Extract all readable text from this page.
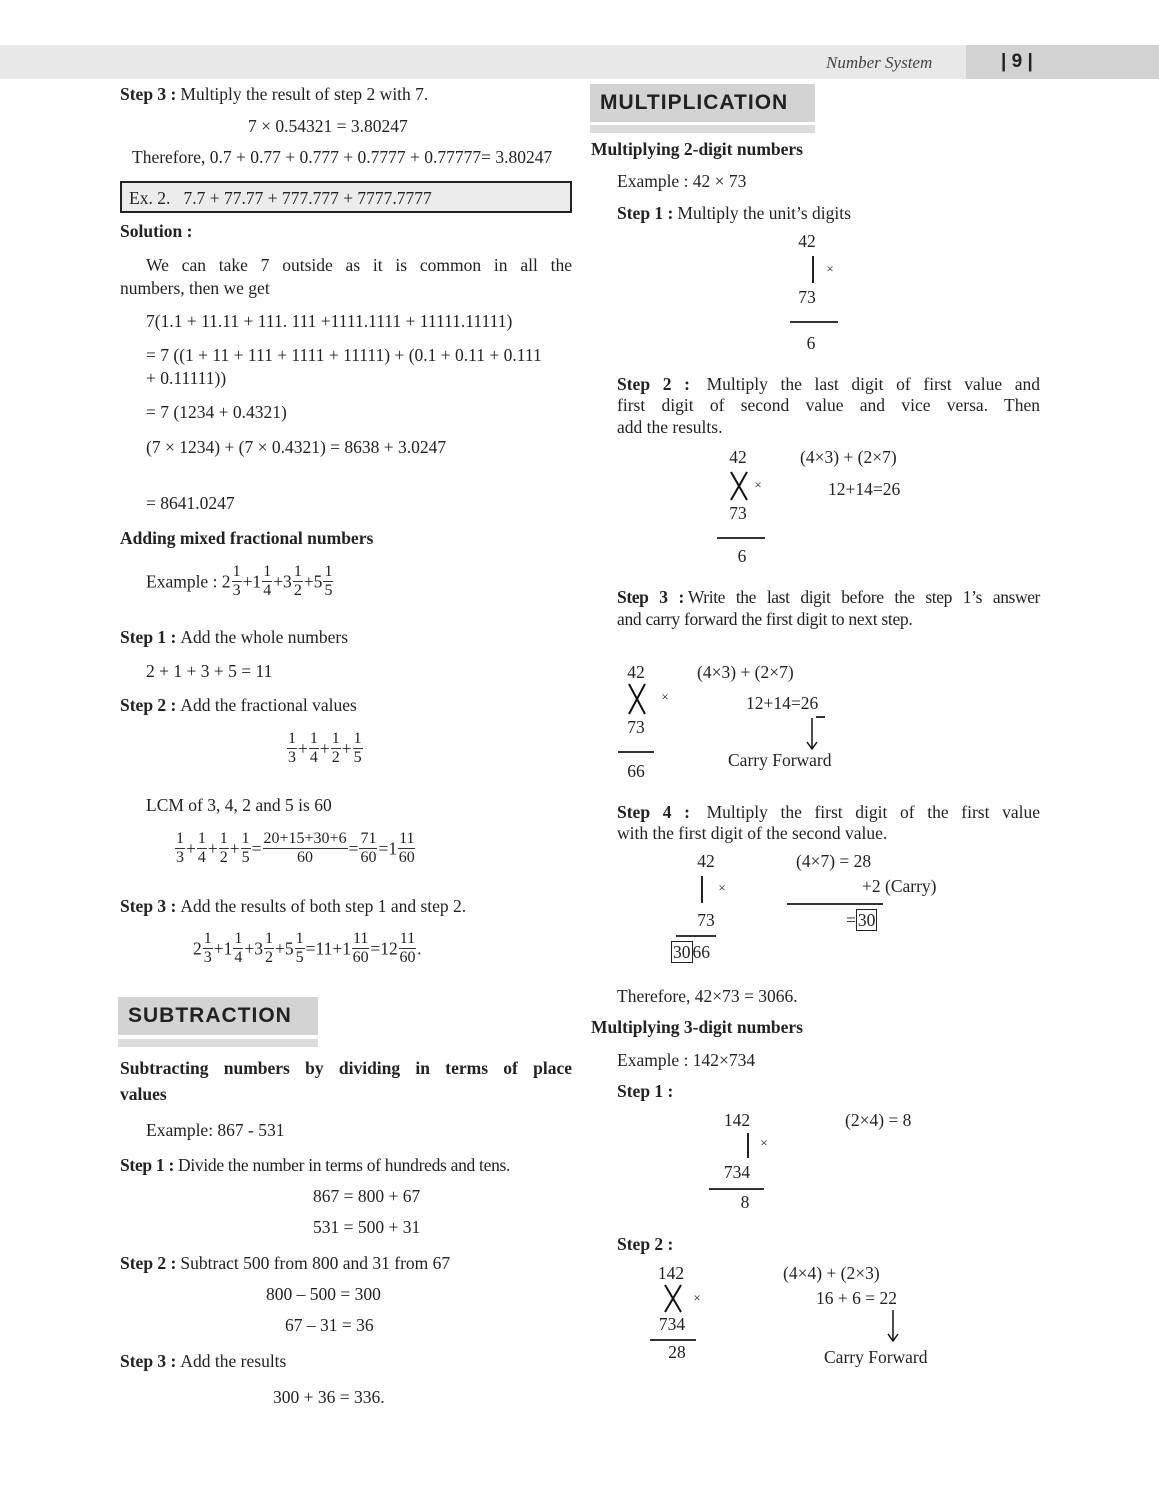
Number System	| 9 |
Step 3 : Multiply the result of step 2 with 7.
7 × 0.54321 = 3.80247
Therefore, 0.7 + 0.77 + 0.777 + 0.7777 + 0.77777= 3.80247
Ex. 2. 7.7 + 77.77 + 777.777 + 7777.7777
Solution :
We can take 7 outside as it is common in all the
numbers, then we get
7(1.1 + 11.11 + 111. 111 +1111.1111 + 11111.11111)
= 7 ((1 + 11 + 111 + 1111 + 11111) + (0.1 + 0.11 + 0.111
+ 0.11111))
= 7 (1234 + 0.4321)
(7 × 1234) + (7 × 0.4321) = 8638 + 3.0247
= 8641.0247
Adding mixed fractional numbers
Example : $2 \frac{1}{3} +1 \frac{1}{4} +3 \frac{1}{2} +5 \frac{1}{5}$
Step 1 : Add the whole numbers
2 + 1 + 3 + 5 = 11
Step 2 : Add the fractional values
$\frac{1}{3} + \frac{1}{4} + \frac{1}{2} + \frac{1}{5}$
LCM of 3, 4, 2 and 5 is 60
$\frac{1}{3} + \frac{1}{4} + \frac{1}{2} + \frac{1}{5} = \frac{20+15+30+6}{60} = \frac{71}{60} =1 \frac{11}{60}$
Step 3 : Add the results of both step 1 and step 2.
$2 \frac{1}{3} +1 \frac{1}{4} +3 \frac{1}{2} +5 \frac{1}{5} =11+1 \frac{11}{60} =12 \frac{11}{60}$ .
SUBTRACTION
Subtracting numbers by dividing in terms of place
values
Example: 867 - 531
Step 1 : Divide the number in terms of hundreds and tens.
867 = 800 + 67
531 = 500 + 31
Step 2 : Subtract 500 from 800 and 31 from 67
800 – 500 = 300
67 – 31 = 36
Step 3 : Add the results
300 + 36 = 336.
MULTIPLICATION
Multiplying 2-digit numbers
Example : 42 × 73
Step 1 : Multiply the unit’s digits
42
×
73
6
Step 2 : Multiply the last digit of first value and
first digit of second value and vice versa. Then
add the results.
42
×
73
6
(4×3) + (2×7)
12+14=26
Step 3 : Write the last digit before the step 1’s answer
and carry forward the first digit to next step.
42
×
73
66
(4×3) + (2×7)
12+14=26
Carry Forward
Step 4 : Multiply the first digit of the first value
with the first digit of the second value.
42
×
73
30 66
(4×7) = 28
+2 (Carry)
= 30
Therefore, 42×73 = 3066.
Multiplying 3-digit numbers
Example : 142×734
Step 1 :
142
×
734
8
(2×4) = 8
Step 2 :
142
×
734
28
(4×4) + (2×3)
16 + 6 = 22
Carry Forward
